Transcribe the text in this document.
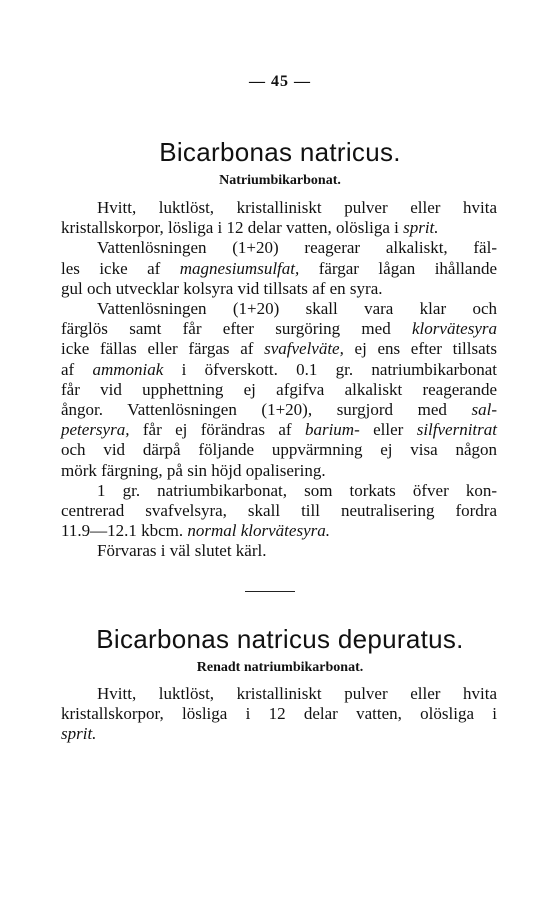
— 45 —
Bicarbonas natricus.
Natriumbikarbonat.
Hvitt, luktlöst, kristalliniskt pulver eller hvita
kristallskorpor, lösliga i 12 delar vatten, olösliga i sprit.
Vattenlösningen (1+20) reagerar alkaliskt, fäl-
les icke af magnesiumsulfat, färgar lågan ihållande
gul och utvecklar kolsyra vid tillsats af en syra.
Vattenlösningen (1+20) skall vara klar och
färglös samt får efter surgöring med klorvätesyra
icke fällas eller färgas af svafvelväte, ej ens efter tillsats
af ammoniak i öfverskott. 0.1 gr. natriumbikarbonat
får vid upphettning ej afgifva alkaliskt reagerande
ångor. Vattenlösningen (1+20), surgjord med sal-
petersyra, får ej förändras af barium- eller silfvernitrat
och vid därpå följande uppvärmning ej visa någon
mörk färgning, på sin höjd opalisering.
1 gr. natriumbikarbonat, som torkats öfver kon-
centrerad svafvelsyra, skall till neutralisering fordra
11.9—12.1 kbcm. normal klorvätesyra.
Förvaras i väl slutet kärl.
Bicarbonas natricus depuratus.
Renadt natriumbikarbonat.
Hvitt, luktlöst, kristalliniskt pulver eller hvita
kristallskorpor, lösliga i 12 delar vatten, olösliga i
sprit.
